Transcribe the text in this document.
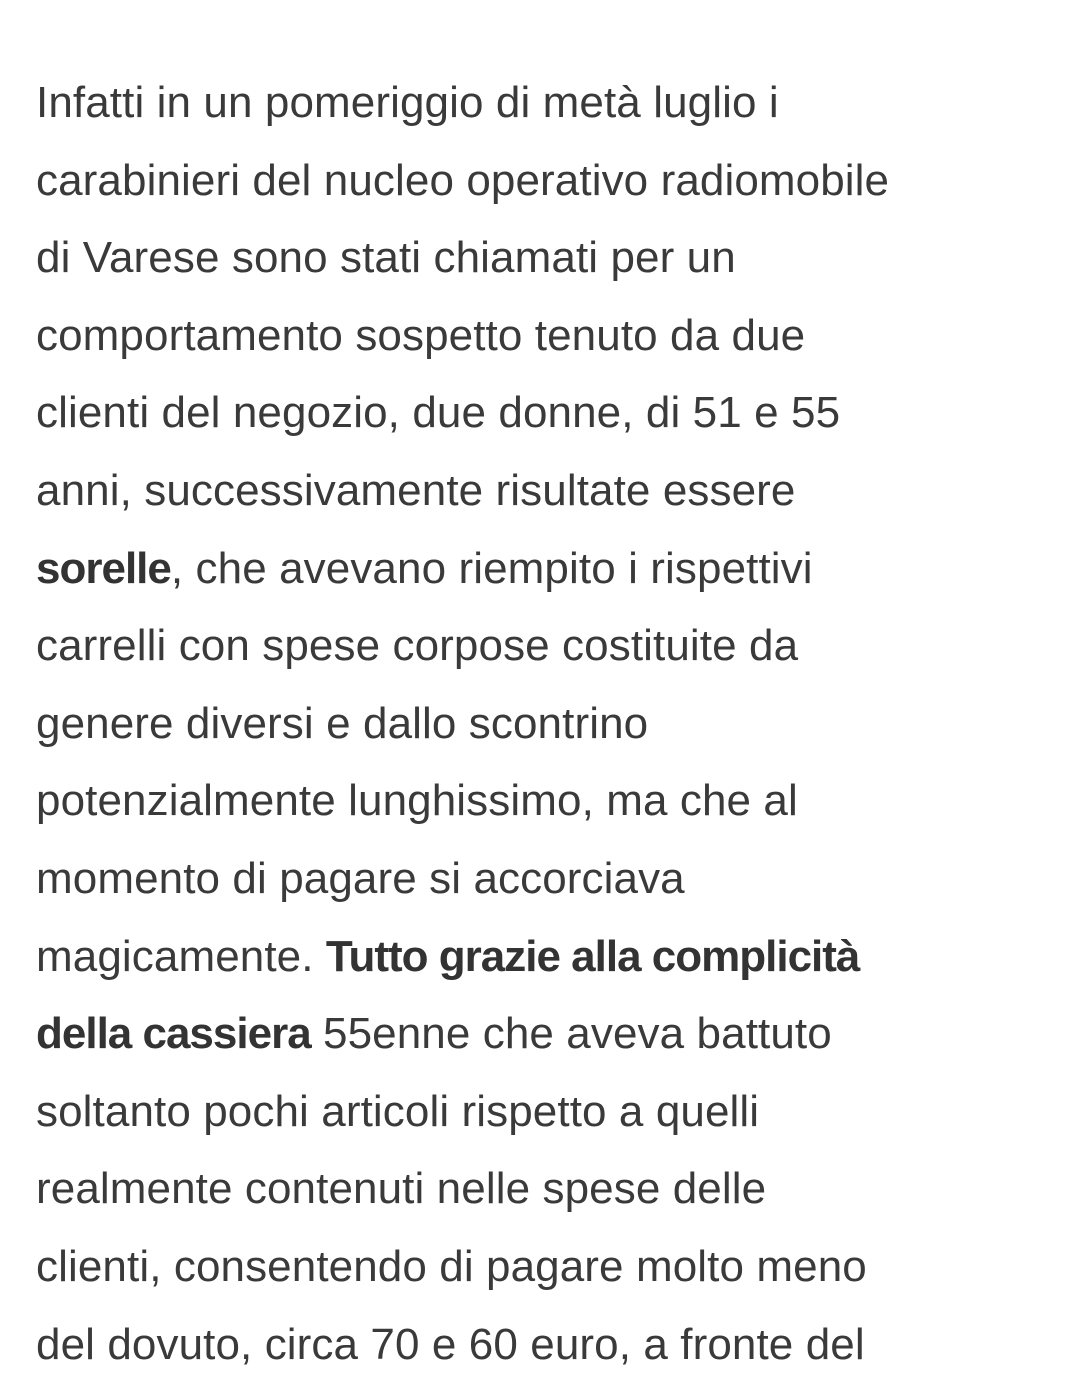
Infatti in un pomeriggio di metà luglio i
carabinieri del nucleo operativo radiomobile
di Varese sono stati chiamati per un
comportamento sospetto tenuto da due
clienti del negozio, due donne, di 51 e 55
anni, successivamente risultate essere
sorelle, che avevano riempito i rispettivi
carrelli con spese corpose costituite da
genere diversi e dallo scontrino
potenzialmente lunghissimo, ma che al
momento di pagare si accorciava
magicamente. Tutto grazie alla complicità
della cassiera 55enne che aveva battuto
soltanto pochi articoli rispetto a quelli
realmente contenuti nelle spese delle
clienti, consentendo di pagare molto meno
del dovuto, circa 70 e 60 euro, a fronte del
